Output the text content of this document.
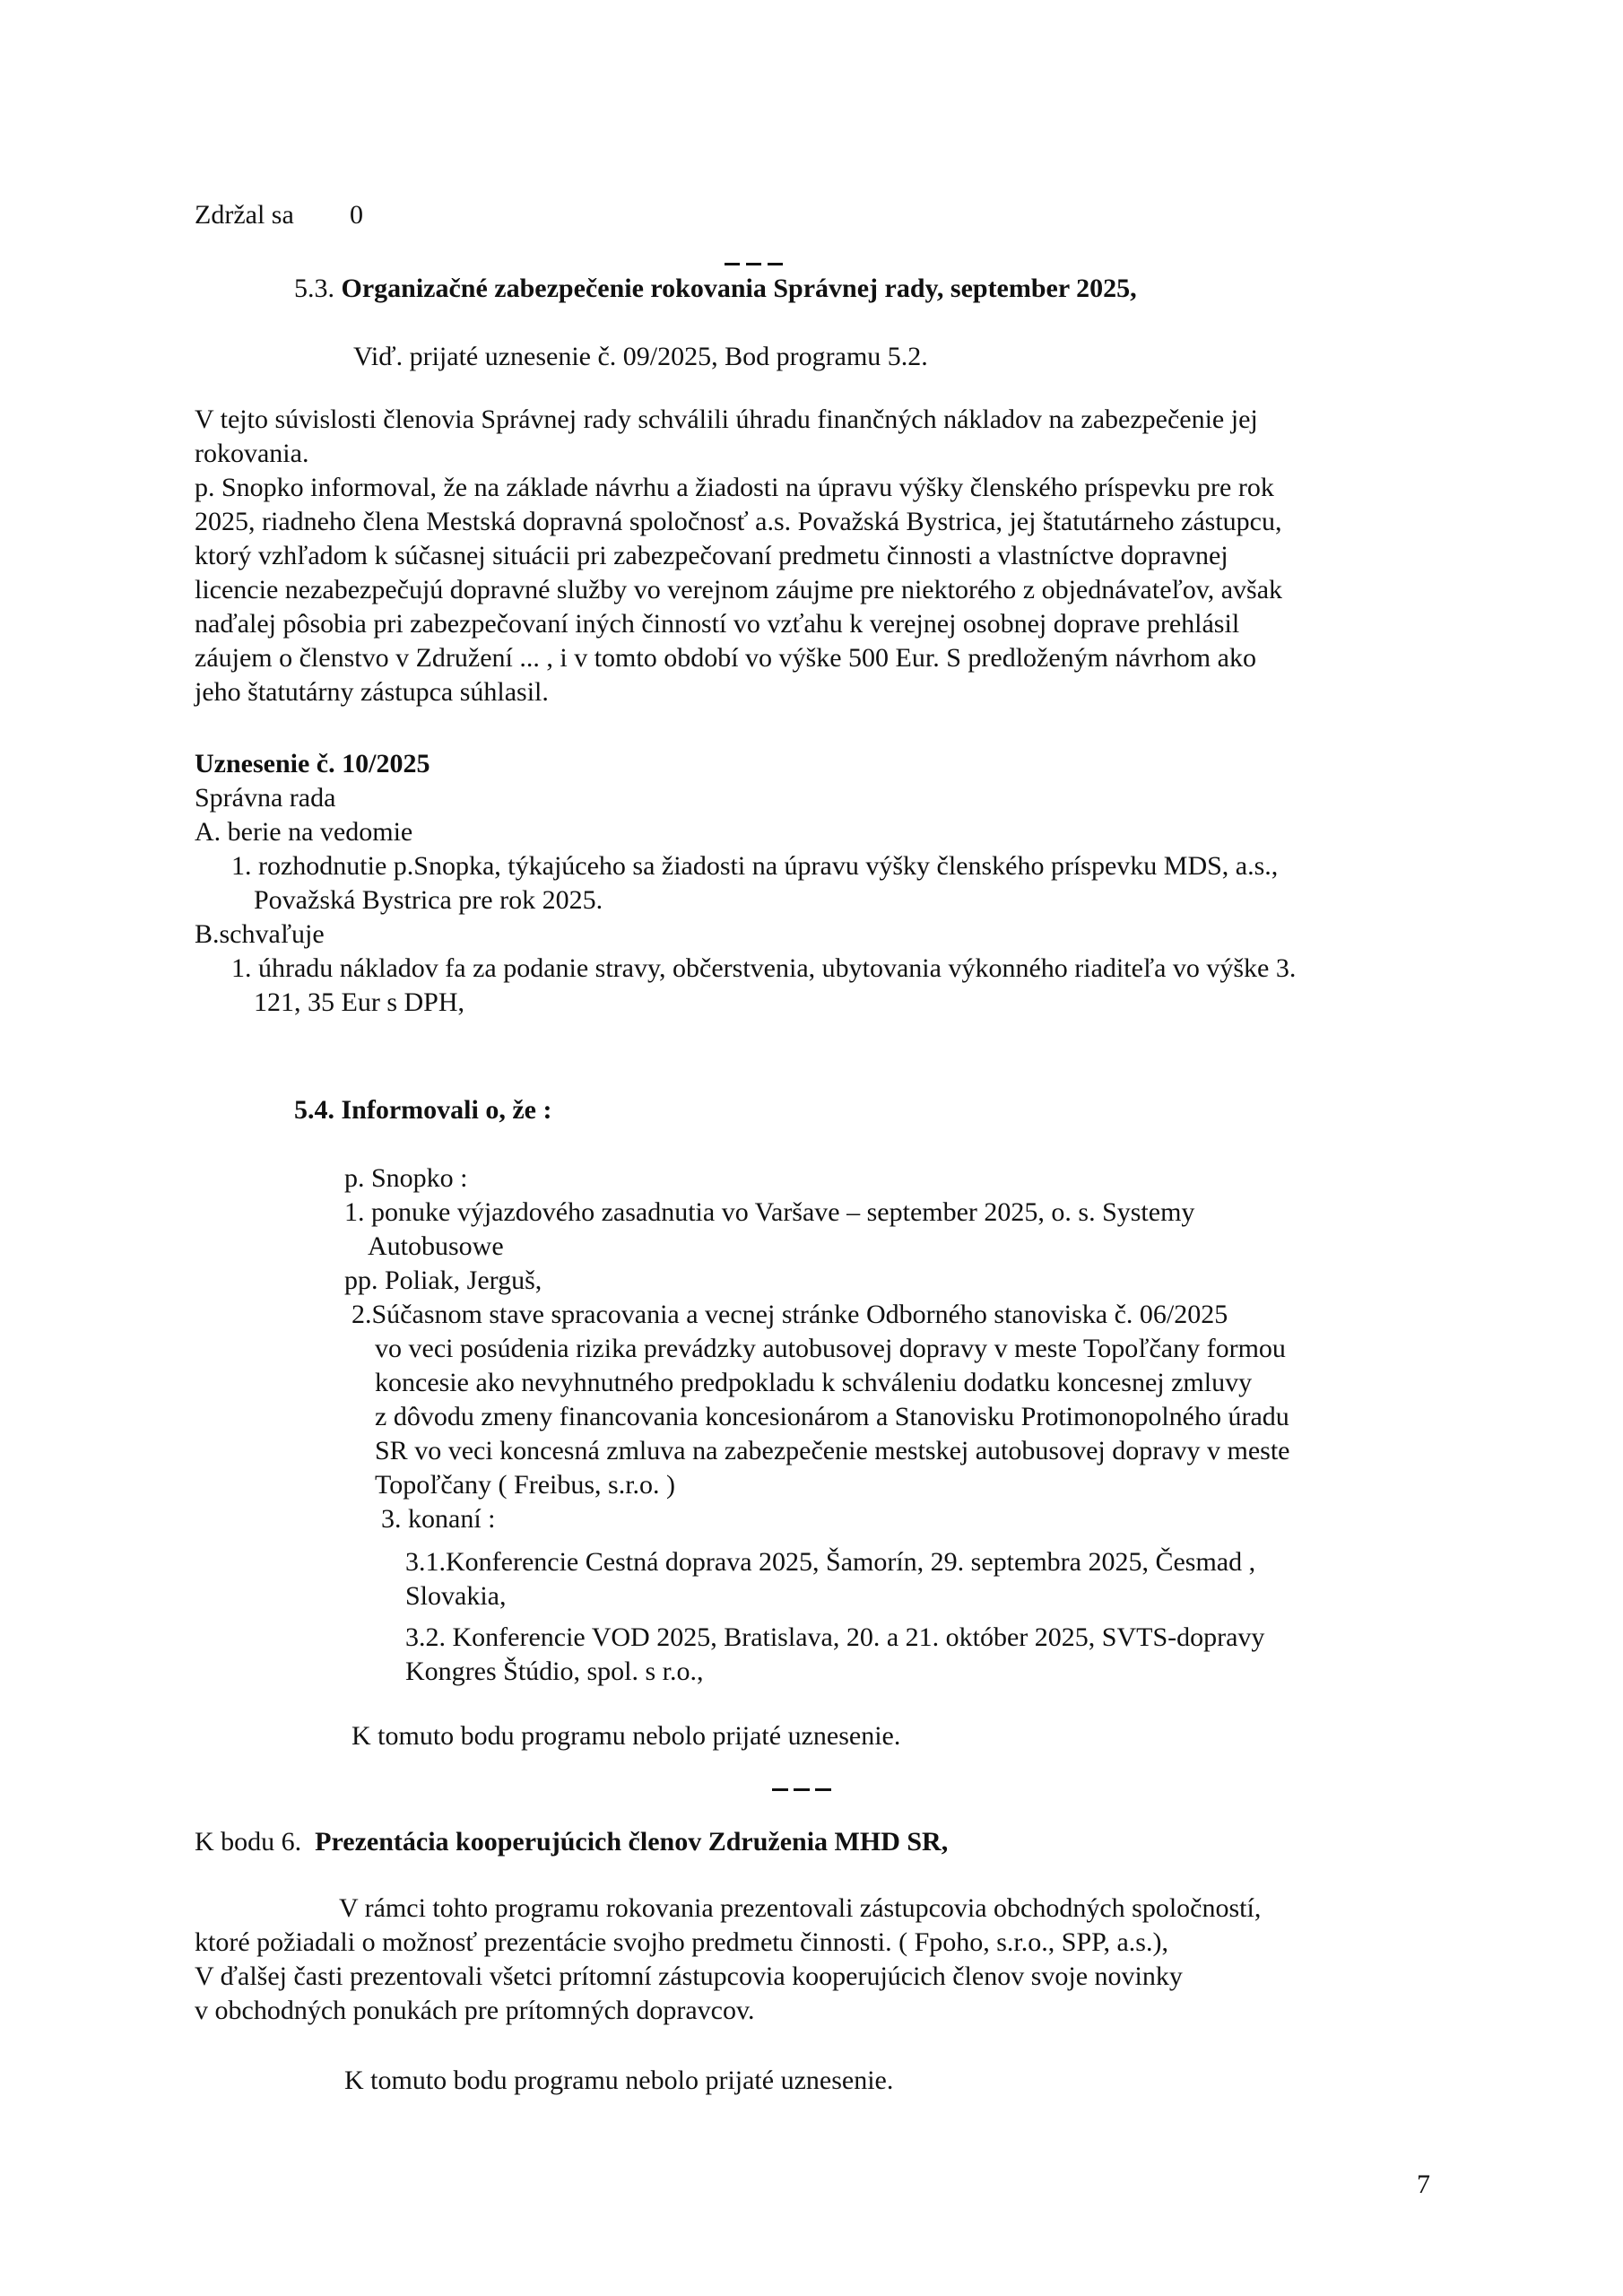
Zdržal sa 0

5.3. Organizačné zabezpečenie rokovania Správnej rady, september 2025,

Viď. prijaté uznesenie č. 09/2025, Bod programu 5.2.

V tejto súvislosti členovia Správnej rady schválili úhradu finančných nákladov na zabezpečenie jej

rokovania.

p. Snopko informoval, že na základe návrhu a žiadosti na úpravu výšky členského príspevku pre rok

2025, riadneho člena Mestská dopravná spoločnosť a.s. Považská Bystrica, jej štatutárneho zástupcu,

ktorý vzhľadom k súčasnej situácii pri zabezpečovaní predmetu činnosti a vlastníctve dopravnej

licencie nezabezpečujú dopravné služby vo verejnom záujme pre niektorého z objednávateľov, avšak

naďalej pôsobia pri zabezpečovaní iných činností vo vzťahu k verejnej osobnej doprave prehlásil

záujem o členstvo v Združení ... , i v tomto období vo výške 500 Eur. S predloženým návrhom ako

jeho štatutárny zástupca súhlasil.

Uznesenie č. 10/2025

Správna rada

A. berie na vedomie

1. rozhodnutie p.Snopka, týkajúceho sa žiadosti na úpravu výšky členského príspevku MDS, a.s.,

Považská Bystrica pre rok 2025.

B.schvaľuje

1. úhradu nákladov fa za podanie stravy, občerstvenia, ubytovania výkonného riaditeľa vo výške 3.

121, 35 Eur s DPH,

5.4. Informovali o, že :

p. Snopko :

1. ponuke výjazdového zasadnutia vo Varšave – september 2025, o. s. Systemy

Autobusowe

pp. Poliak, Jerguš,

2.Súčasnom stave spracovania a vecnej stránke Odborného stanoviska č. 06/2025

vo veci posúdenia rizika prevádzky autobusovej dopravy v meste Topoľčany formou

koncesie ako nevyhnutného predpokladu k schváleniu dodatku koncesnej zmluvy

z dôvodu zmeny financovania koncesionárom a Stanovisku Protimonopolného úradu

SR vo veci koncesná zmluva na zabezpečenie mestskej autobusovej dopravy v meste

Topoľčany ( Freibus, s.r.o. )

3. konaní :

3.1.Konferencie Cestná doprava 2025, Šamorín, 29. septembra 2025, Česmad ,

Slovakia,

3.2. Konferencie VOD 2025, Bratislava, 20. a 21. október 2025, SVTS-dopravy

Kongres Štúdio, spol. s r.o.,

K tomuto bodu programu nebolo prijaté uznesenie.

K bodu 6. Prezentácia kooperujúcich členov Združenia MHD SR,

V rámci tohto programu rokovania prezentovali zástupcovia obchodných spoločností,

ktoré požiadali o možnosť prezentácie svojho predmetu činnosti. ( Fpoho, s.r.o., SPP, a.s.),

V ďalšej časti prezentovali všetci prítomní zástupcovia kooperujúcich členov svoje novinky

v obchodných ponukách pre prítomných dopravcov.

K tomuto bodu programu nebolo prijaté uznesenie.

7
